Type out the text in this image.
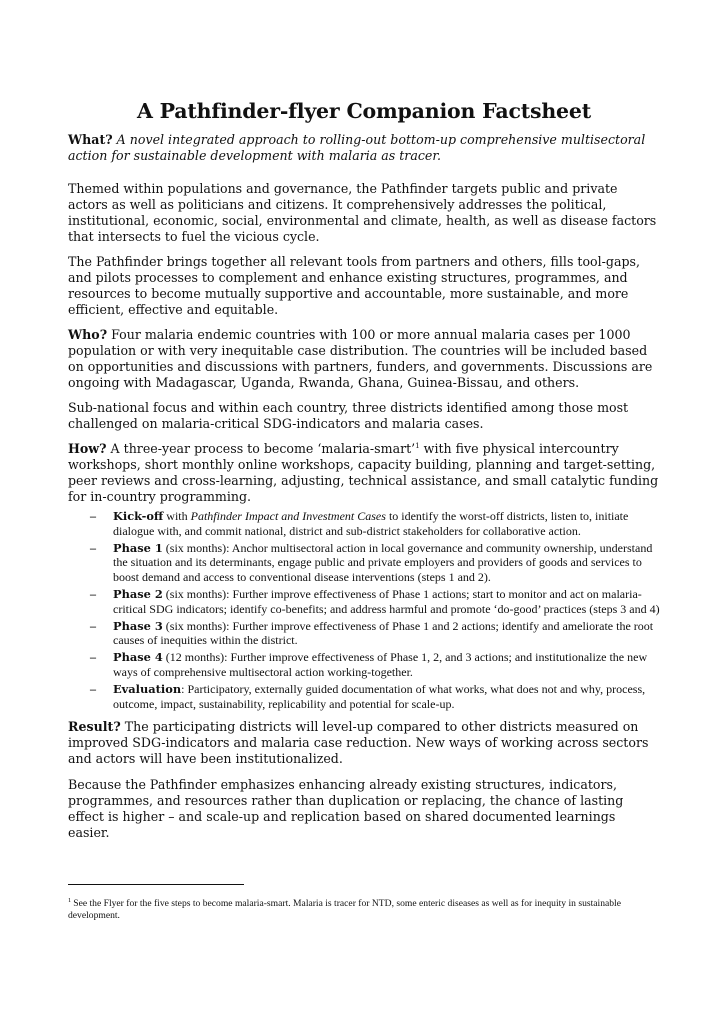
A Pathfinder-flyer Companion Factsheet

What? A novel integrated approach to rolling-out bottom-up comprehensive multisectoral action for sustainable development with malaria as tracer.

Themed within populations and governance, the Pathfinder targets public and private actors as well as politicians and citizens. It comprehensively addresses the political, institutional, economic, social, environmental and climate, health, as well as disease factors that intersects to fuel the vicious cycle.

The Pathfinder brings together all relevant tools from partners and others, fills tool-gaps, and pilots processes to complement and enhance existing structures, programmes, and resources to become mutually supportive and accountable, more sustainable, and more efficient, effective and equitable.

Who? Four malaria endemic countries with 100 or more annual malaria cases per 1000 population or with very inequitable case distribution. The countries will be included based on opportunities and discussions with partners, funders, and governments. Discussions are ongoing with Madagascar, Uganda, Rwanda, Ghana, Guinea-Bissau, and others.

Sub-national focus and within each country, three districts identified among those most challenged on malaria-critical SDG-indicators and malaria cases.

How? A three-year process to become ‘malaria-smart’$^1$ with five physical intercountry workshops, short monthly online workshops, capacity building, planning and target-setting, peer reviews and cross-learning, adjusting, technical assistance, and small catalytic funding for in-country programming.

– Kick-off with Pathfinder Impact and Investment Cases to identify the worst-off districts, listen to, initiate dialogue with, and commit national, district and sub-district stakeholders for collaborative action.
– Phase 1 (six months): Anchor multisectoral action in local governance and community ownership, understand the situation and its determinants, engage public and private employers and providers of goods and services to boost demand and access to conventional disease interventions (steps 1 and 2).
– Phase 2 (six months): Further improve effectiveness of Phase 1 actions; start to monitor and act on malaria-critical SDG indicators; identify co-benefits; and address harmful and promote ‘do-good’ practices (steps 3 and 4)
– Phase 3 (six months): Further improve effectiveness of Phase 1 and 2 actions; identify and ameliorate the root causes of inequities within the district.
– Phase 4 (12 months): Further improve effectiveness of Phase 1, 2, and 3 actions; and institutionalize the new ways of comprehensive multisectoral action working-together.
– Evaluation: Participatory, externally guided documentation of what works, what does not and why, process, outcome, impact, sustainability, replicability and potential for scale-up.

Result? The participating districts will level-up compared to other districts measured on improved SDG-indicators and malaria case reduction. New ways of working across sectors and actors will have been institutionalized.

Because the Pathfinder emphasizes enhancing already existing structures, indicators, programmes, and resources rather than duplication or replacing, the chance of lasting effect is higher – and scale-up and replication based on shared documented learnings easier.

$^1$ See the Flyer for the five steps to become malaria-smart. Malaria is tracer for NTD, some enteric diseases as well as for inequity in sustainable development.
